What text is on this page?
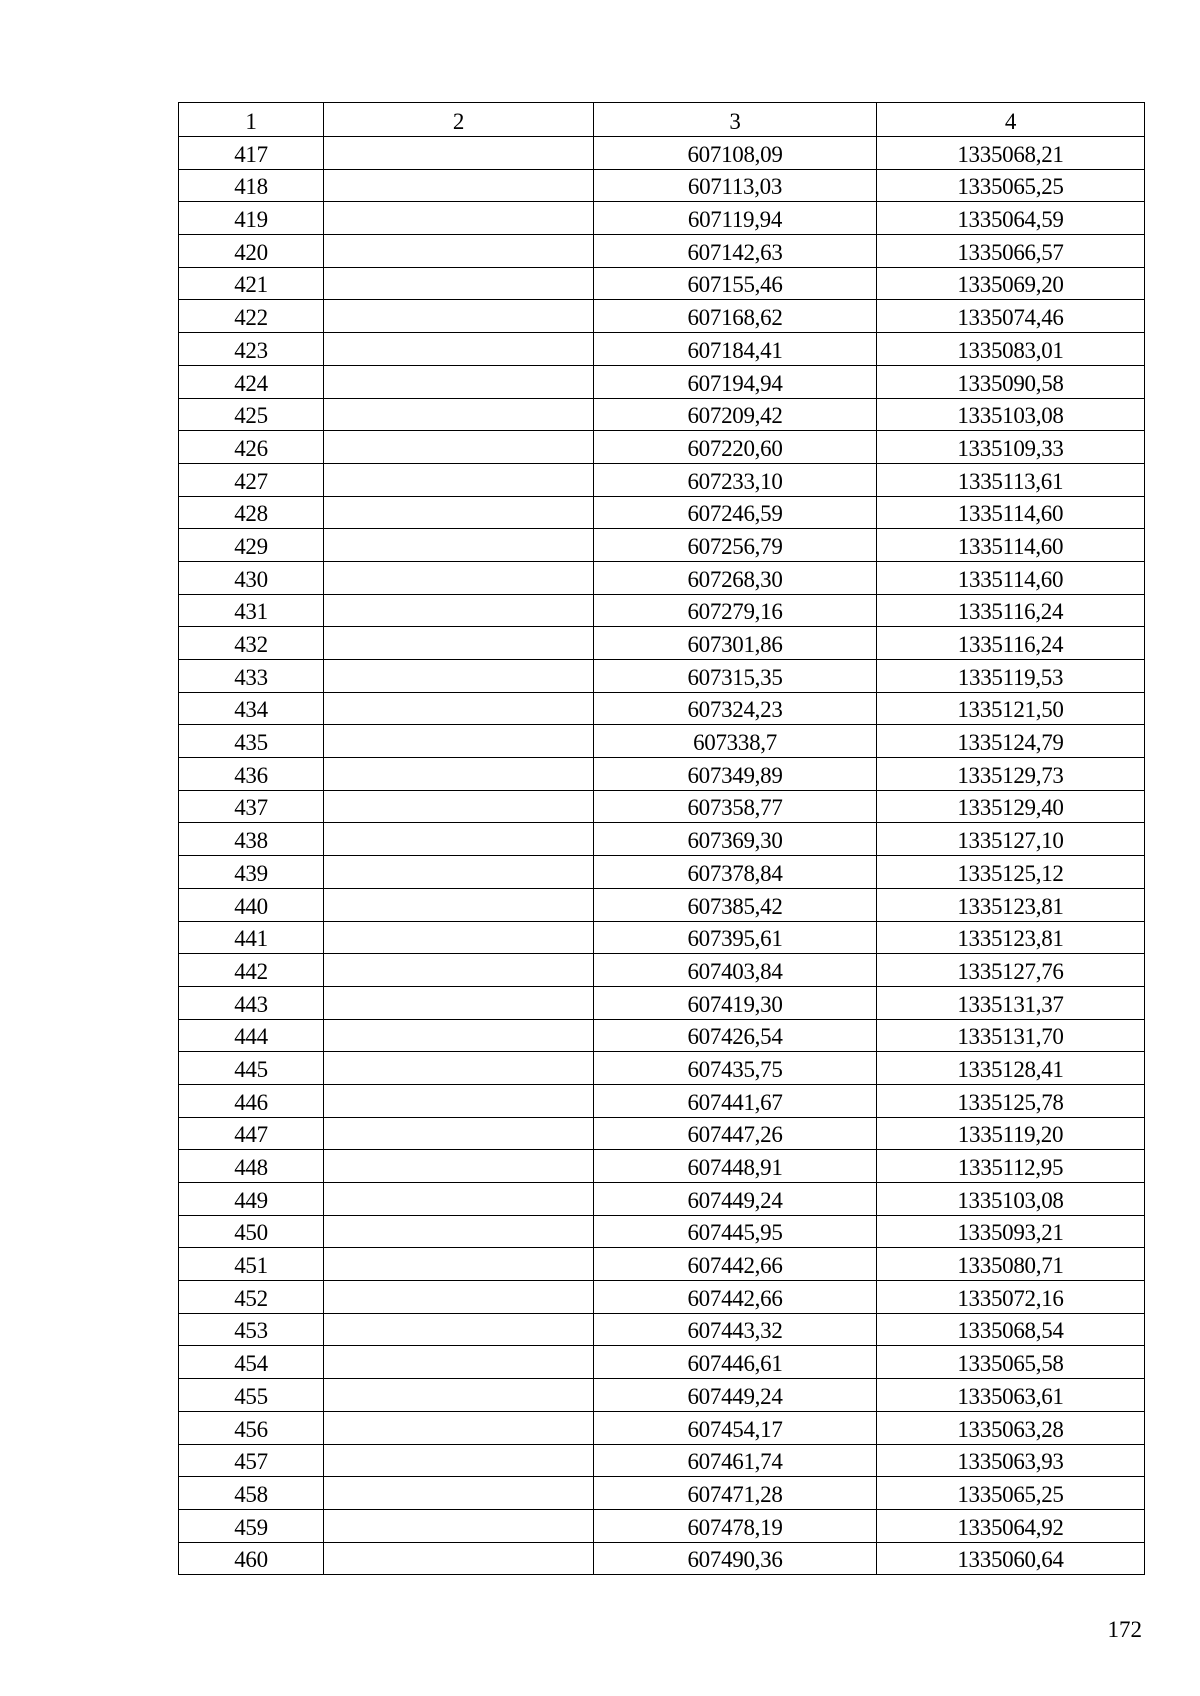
1	2	3	4
417		607108,09	1335068,21
418		607113,03	1335065,25
419		607119,94	1335064,59
420		607142,63	1335066,57
421		607155,46	1335069,20
422		607168,62	1335074,46
423		607184,41	1335083,01
424		607194,94	1335090,58
425		607209,42	1335103,08
426		607220,60	1335109,33
427		607233,10	1335113,61
428		607246,59	1335114,60
429		607256,79	1335114,60
430		607268,30	1335114,60
431		607279,16	1335116,24
432		607301,86	1335116,24
433		607315,35	1335119,53
434		607324,23	1335121,50
435		607338,7	1335124,79
436		607349,89	1335129,73
437		607358,77	1335129,40
438		607369,30	1335127,10
439		607378,84	1335125,12
440		607385,42	1335123,81
441		607395,61	1335123,81
442		607403,84	1335127,76
443		607419,30	1335131,37
444		607426,54	1335131,70
445		607435,75	1335128,41
446		607441,67	1335125,78
447		607447,26	1335119,20
448		607448,91	1335112,95
449		607449,24	1335103,08
450		607445,95	1335093,21
451		607442,66	1335080,71
452		607442,66	1335072,16
453		607443,32	1335068,54
454		607446,61	1335065,58
455		607449,24	1335063,61
456		607454,17	1335063,28
457		607461,74	1335063,93
458		607471,28	1335065,25
459		607478,19	1335064,92
460		607490,36	1335060,64
172
